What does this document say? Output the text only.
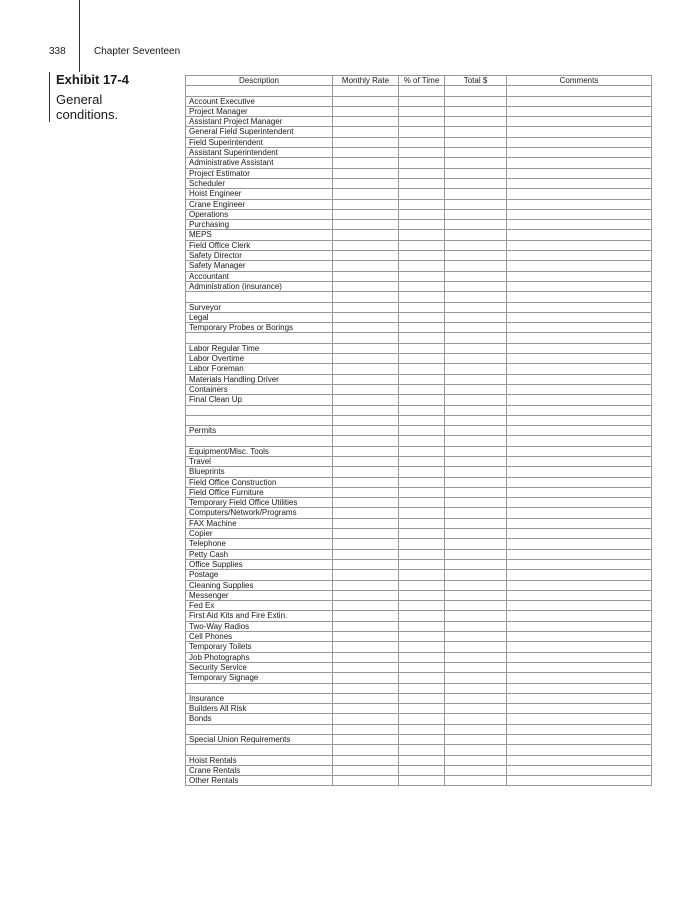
338	Chapter Seventeen
Exhibit 17-4
General
conditions.
Description	Monthly Rate	% of Time	Total $	Comments

Account Executive				
Project Manager				
Assistant Project Manager				
General Field Superintendent				
Field Superintendent				
Assistant Superintendent				
Administrative Assistant				
Project Estimator				
Scheduler				
Hoist Engineer				
Crane Engineer				
Operations				
Purchasing				
MEPS				
Field Office Clerk				
Safety Director				
Safety Manager				
Accountant				
Administration (insurance)				

Surveyor				
Legal				
Temporary Probes or Borings				

Labor Regular Time				
Labor Overtime				
Labor Foreman				
Materials Handling Driver				
Containers				
Final Clean Up				

Permits				

Equipment/Misc. Tools				
Travel				
Blueprints				
Field Office Construction				
Field Office Furniture				
Temporary Field Office Utilities				
Computers/Network/Programs				
FAX Machine				
Copier				
Telephone				
Petty Cash				
Office Supplies				
Postage				
Cleaning Supplies				
Messenger				
Fed Ex				
First Aid Kits and Fire Extin.				
Two-Way Radios				
Cell Phones				
Temporary Toilets				
Job Photographs				
Security Service				
Temporary Signage				

Insurance				
Builders All Risk				
Bonds				

Special Union Requirements				

Hoist Rentals				
Crane Rentals				
Other Rentals				
